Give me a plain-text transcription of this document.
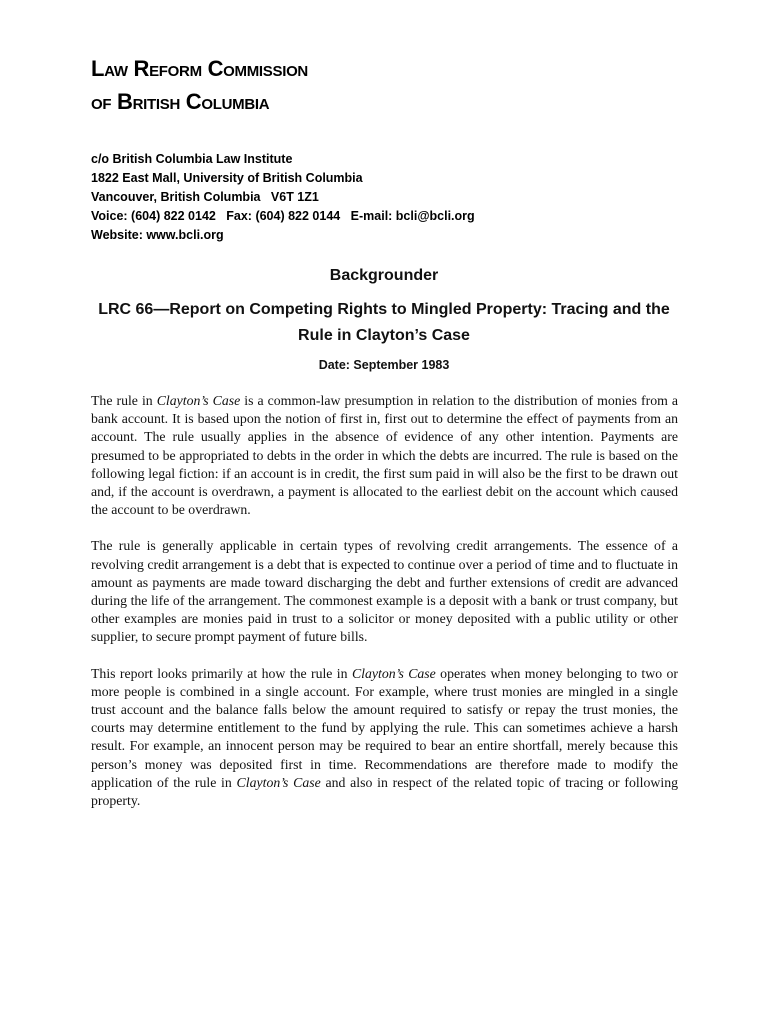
Law Reform Commission
of British Columbia
c/o British Columbia Law Institute
1822 East Mall, University of British Columbia
Vancouver, British Columbia   V6T 1Z1
Voice: (604) 822 0142   Fax: (604) 822 0144   E-mail: bcli@bcli.org
Website: www.bcli.org
Backgrounder
LRC 66—Report on Competing Rights to Mingled Property: Tracing and the Rule in Clayton’s Case
Date: September 1983

The rule in Clayton’s Case is a common-law presumption in relation to the distribution of monies from a bank account. It is based upon the notion of first in, first out to determine the effect of payments from an account. The rule usually applies in the absence of evidence of any other intention. Payments are presumed to be appropriated to debts in the order in which the debts are incurred. The rule is based on the following legal fiction: if an account is in credit, the first sum paid in will also be the first to be drawn out and, if the account is overdrawn, a payment is allocated to the earliest debit on the account which caused the account to be overdrawn.

The rule is generally applicable in certain types of revolving credit arrangements. The essence of a revolving credit arrangement is a debt that is expected to continue over a period of time and to fluctuate in amount as payments are made toward discharging the debt and further extensions of credit are advanced during the life of the arrangement. The commonest example is a deposit with a bank or trust company, but other examples are monies paid in trust to a solicitor or money deposited with a public utility or other supplier, to secure prompt payment of future bills.

This report looks primarily at how the rule in Clayton’s Case operates when money belonging to two or more people is combined in a single account. For example, where trust monies are mingled in a single trust account and the balance falls below the amount required to satisfy or repay the trust monies, the courts may determine entitlement to the fund by applying the rule. This can sometimes achieve a harsh result. For example, an innocent person may be required to bear an entire shortfall, merely because this person’s money was deposited first in time. Recommendations are therefore made to modify the application of the rule in Clayton’s Case and also in respect of the related topic of tracing or following property.
